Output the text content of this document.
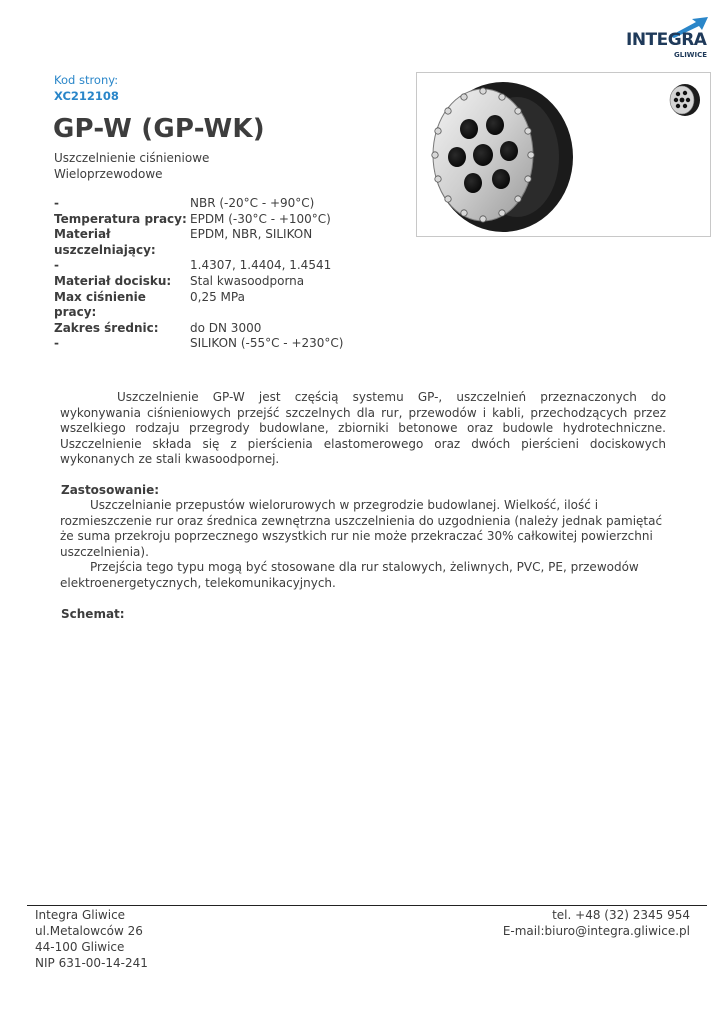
INTEGRA
GLIWICE
Kod strony:
XC212108
GP-W (GP-WK)
Uszczelnienie ciśnieniowe
Wieloprzewodowe
-	NBR (-20°C - +90°C)
Temperatura pracy: EPDM (-30°C - +100°C)
Materiał	EPDM, NBR, SILIKON
uszczelniający:
-	1.4307, 1.4404, 1.4541
Materiał docisku:	Stal kwasoodporna
Max ciśnienie pracy:
0,25 MPa
Zakres średnic:	do DN 3000
-	SILIKON (-55°C - +230°C)
Uszczelnienie GP-W jest częścią systemu GP-, uszczelnień przeznaczonych do wykonywania ciśnieniowych przejść szczelnych dla rur, przewodów i kabli, przechodzących przez wszelkiego rodzaju przegrody budowlane, zbiorniki betonowe oraz budowle hydrotechniczne. Uszczelnienie składa się z pierścienia elastomerowego oraz dwóch pierścieni dociskowych wykonanych ze stali kwasoodpornej.
Zastosowanie:
Uszczelnianie przepustów wielorurowych w przegrodzie budowlanej. Wielkość, ilość i rozmieszczenie rur oraz średnica zewnętrzna uszczelnienia do uzgodnienia (należy jednak pamiętać że suma przekroju poprzecznego wszystkich rur nie może przekraczać 30% całkowitej powierzchni uszczelnienia).
Przejścia tego typu mogą być stosowane dla rur stalowych, żeliwnych, PVC, PE, przewodów elektroenergetycznych, telekomunikacyjnych.
Schemat:
Integra Gliwice
ul.Metalowców 26
44-100 Gliwice
NIP 631-00-14-241
tel. +48 (32) 2345 954
E-mail:biuro@integra.gliwice.pl
